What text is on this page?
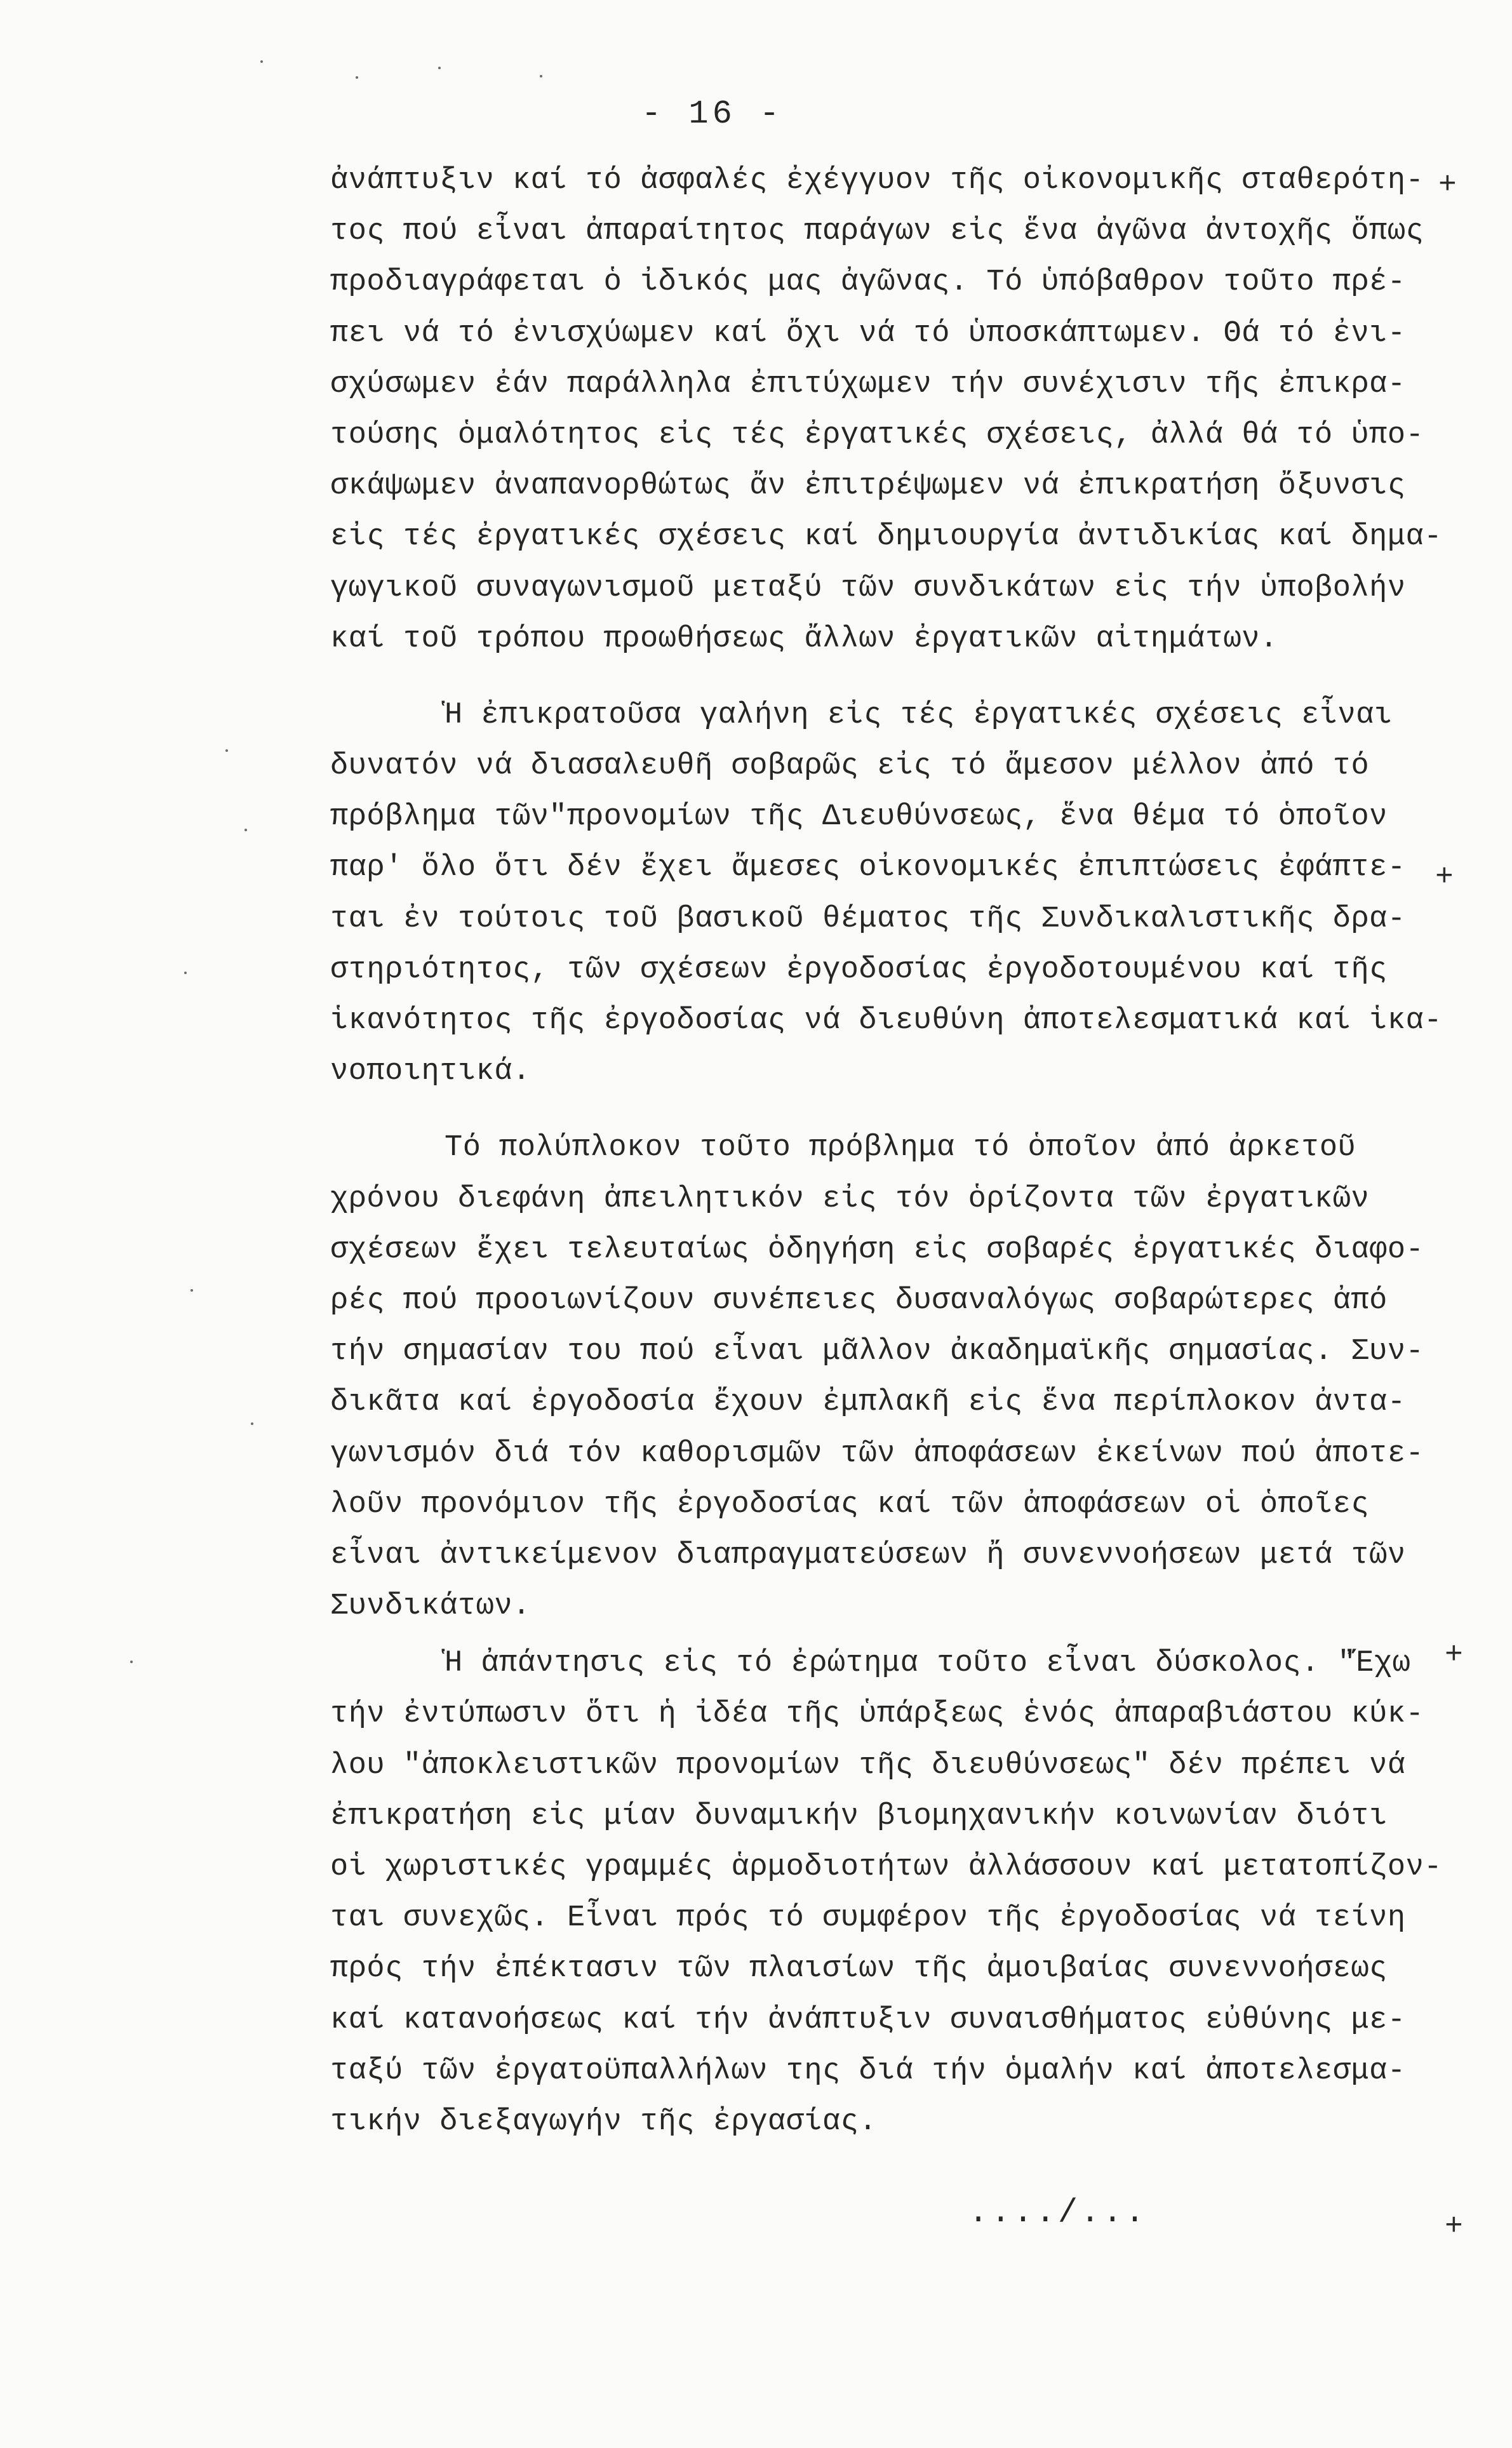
- 16 -
ἀνάπτυξιν καί τό ἀσφαλές ἐχέγγυον τῆς οἰκονομικῆς σταθερότη-
τος πού εἶναι ἀπαραίτητος παράγων εἰς ἕνα ἀγῶνα ἀντοχῆς ὅπως
προδιαγράφεται ὁ ἰδικός μας ἀγῶνας. Τό ὑπόβαθρον τοῦτο πρέ-
πει νά τό ἐνισχύωμεν καί ὄχι νά τό ὑποσκάπτωμεν. Θά τό ἐνι-
σχύσωμεν ἐάν παράλληλα ἐπιτύχωμεν τήν συνέχισιν τῆς ἐπικρα-
τούσης ὁμαλότητος εἰς τές ἐργατικές σχέσεις, ἀλλά θά τό ὑπο-
σκάψωμεν ἀναπανορθώτως ἄν ἐπιτρέψωμεν νά ἐπικρατήση ὄξυνσις
εἰς τές ἐργατικές σχέσεις καί δημιουργία ἀντιδικίας καί δημα-
γωγικοῦ συναγωνισμοῦ μεταξύ τῶν συνδικάτων εἰς τήν ὑποβολήν
καί τοῦ τρόπου προωθήσεως ἄλλων ἐργατικῶν αἰτημάτων.
Ἡ ἐπικρατοῦσα γαλήνη εἰς τές ἐργατικές σχέσεις εἶναι
δυνατόν νά διασαλευθῆ σοβαρῶς εἰς τό ἄμεσον μέλλον ἀπό τό
πρόβλημα τῶν"προνομίων τῆς Διευθύνσεως, ἕνα θέμα τό ὁποῖον
παρ' ὅλο ὅτι δέν ἔχει ἄμεσες οἰκονομικές ἐπιπτώσεις ἐφάπτε-
ται ἐν τούτοις τοῦ βασικοῦ θέματος τῆς Συνδικαλιστικῆς δρα-
στηριότητος, τῶν σχέσεων ἐργοδοσίας ἐργοδοτουμένου καί τῆς
ἱκανότητος τῆς ἐργοδοσίας νά διευθύνη ἀποτελεσματικά καί ἱκα-
νοποιητικά.
Τό πολύπλοκον τοῦτο πρόβλημα τό ὁποῖον ἀπό ἀρκετοῦ
χρόνου διεφάνη ἀπειλητικόν εἰς τόν ὁρίζοντα τῶν ἐργατικῶν
σχέσεων ἔχει τελευταίως ὁδηγήση εἰς σοβαρές ἐργατικές διαφο-
ρές πού προοιωνίζουν συνέπειες δυσαναλόγως σοβαρώτερες ἀπό
τήν σημασίαν του πού εἶναι μᾶλλον ἀκαδημαϊκῆς σημασίας. Συν-
δικᾶτα καί ἐργοδοσία ἔχουν ἐμπλακῆ εἰς ἕνα περίπλοκον ἀντα-
γωνισμόν διά τόν καθορισμῶν τῶν ἀποφάσεων ἐκείνων πού ἀποτε-
λοῦν προνόμιον τῆς ἐργοδοσίας καί τῶν ἀποφάσεων οἱ ὁποῖες
εἶναι ἀντικείμενον διαπραγματεύσεων ἤ συνεννοήσεων μετά τῶν
Συνδικάτων.
Ἡ ἀπάντησις εἰς τό ἐρώτημα τοῦτο εἶναι δύσκολος. "Ἔχω
τήν ἐντύπωσιν ὅτι ἡ ἰδέα τῆς ὑπάρξεως ἑνός ἀπαραβιάστου κύκ-
λου "ἀποκλειστικῶν προνομίων τῆς διευθύνσεως" δέν πρέπει νά
ἐπικρατήση εἰς μίαν δυναμικήν βιομηχανικήν κοινωνίαν διότι
οἱ χωριστικές γραμμές ἁρμοδιοτήτων ἀλλάσσουν καί μετατοπίζον-
ται συνεχῶς. Εἶναι πρός τό συμφέρον τῆς ἐργοδοσίας νά τείνη
πρός τήν ἐπέκτασιν τῶν πλαισίων τῆς ἀμοιβαίας συνεννοήσεως
καί κατανοήσεως καί τήν ἀνάπτυξιν συναισθήματος εὐθύνης με-
ταξύ τῶν ἐργατοϋπαλλήλων της διά τήν ὁμαλήν καί ἀποτελεσμα-
τικήν διεξαγωγήν τῆς ἐργασίας.
..../...
+
+
+
+
